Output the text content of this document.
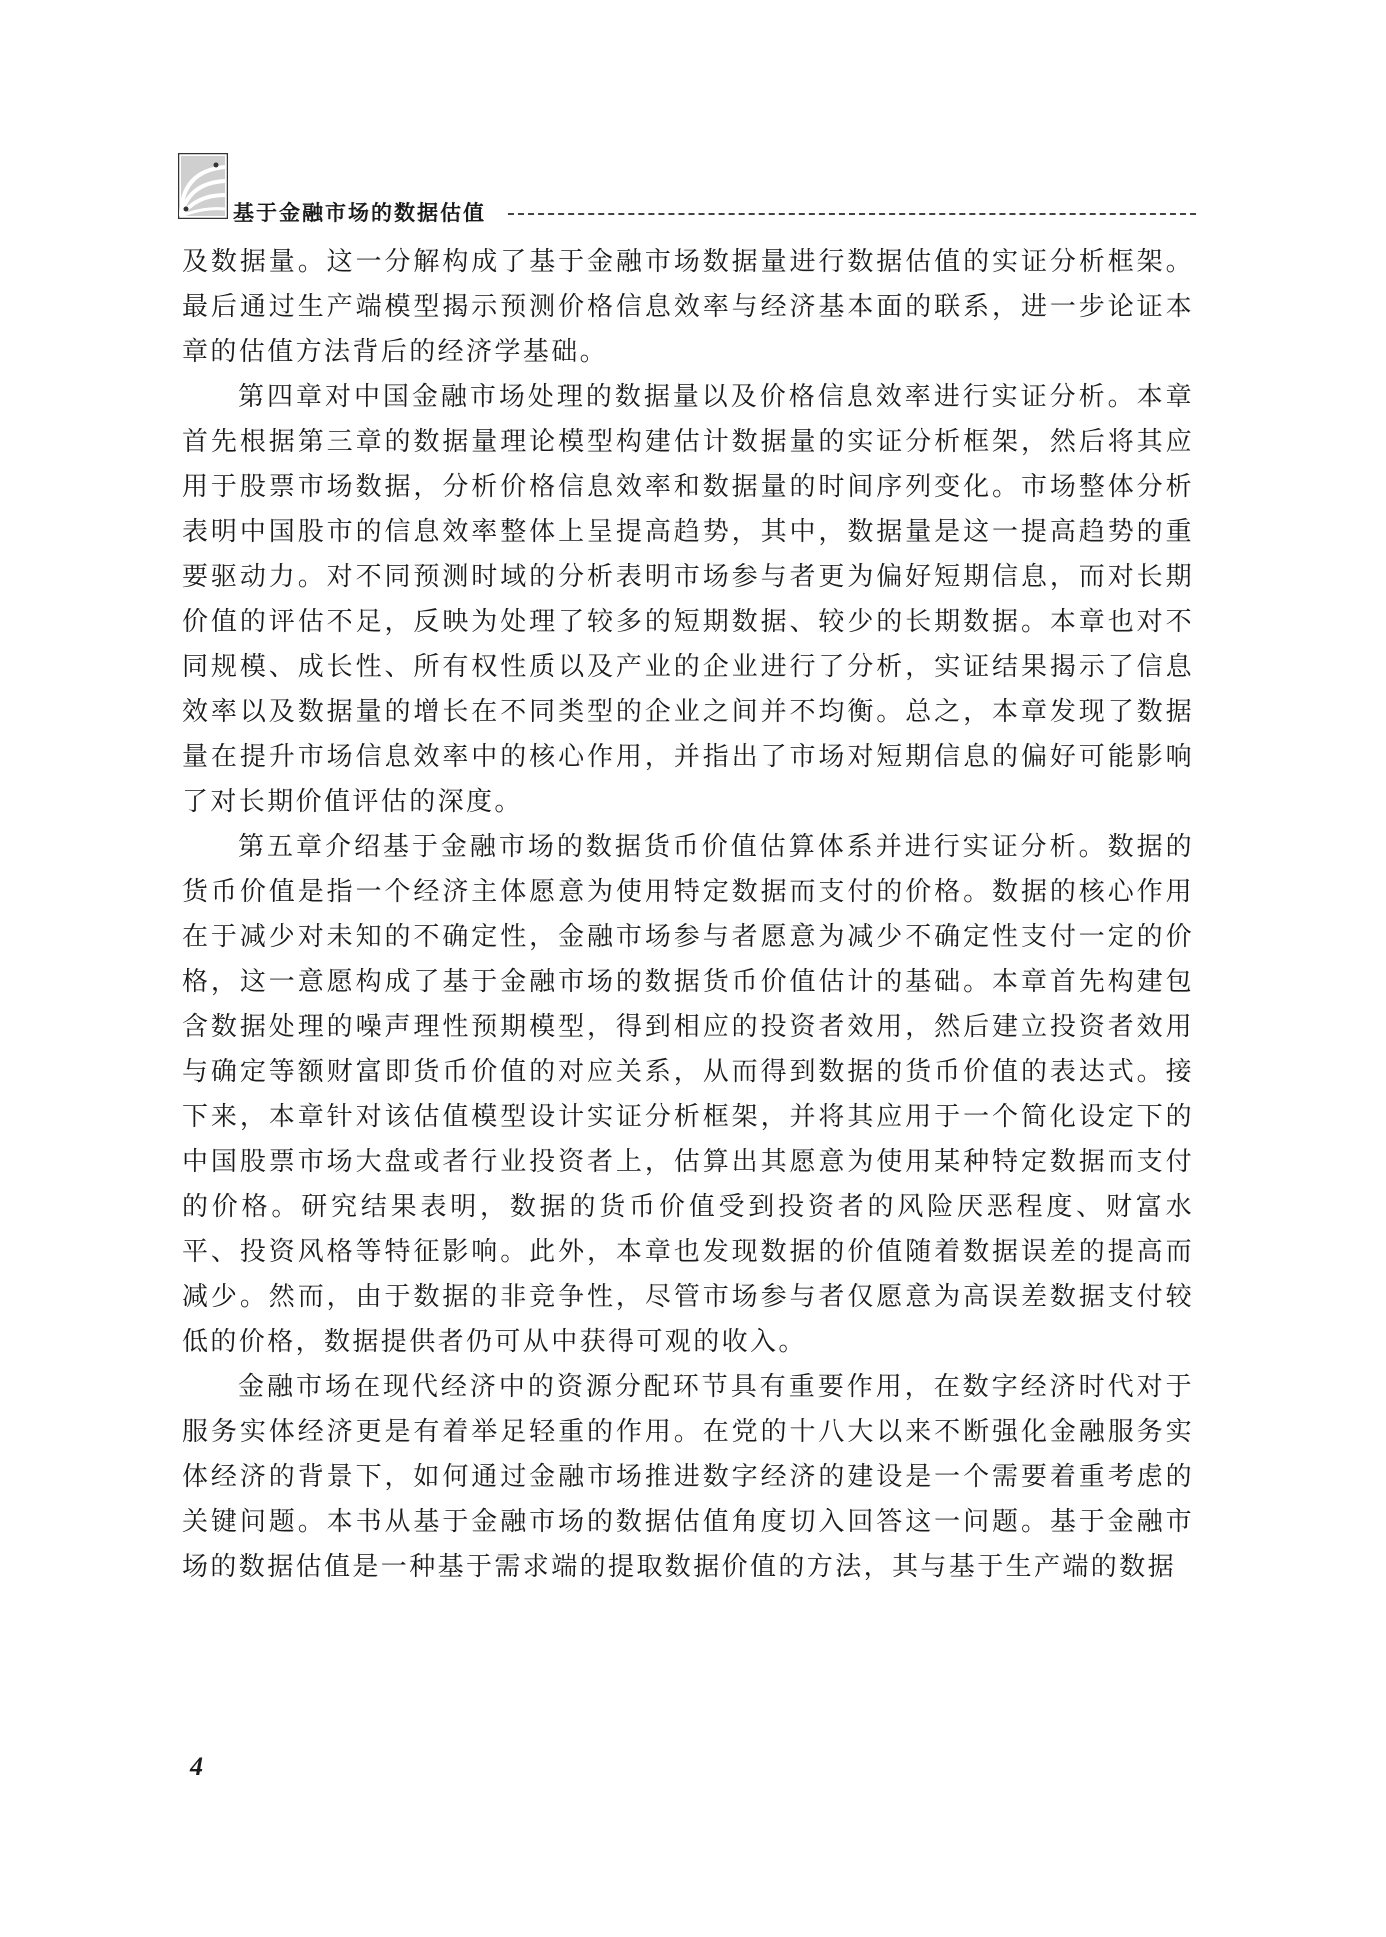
基于金融市场的数据估值

及数据量。这一分解构成了基于金融市场数据量进行数据估值的实证分析框架。最后通过生产端模型揭示预测价格信息效率与经济基本面的联系，进一步论证本章的估值方法背后的经济学基础。

第四章对中国金融市场处理的数据量以及价格信息效率进行实证分析。本章首先根据第三章的数据量理论模型构建估计数据量的实证分析框架，然后将其应用于股票市场数据，分析价格信息效率和数据量的时间序列变化。市场整体分析表明中国股市的信息效率整体上呈提高趋势，其中，数据量是这一提高趋势的重要驱动力。对不同预测时域的分析表明市场参与者更为偏好短期信息，而对长期价值的评估不足，反映为处理了较多的短期数据、较少的长期数据。本章也对不同规模、成长性、所有权性质以及产业的企业进行了分析，实证结果揭示了信息效率以及数据量的增长在不同类型的企业之间并不均衡。总之，本章发现了数据量在提升市场信息效率中的核心作用，并指出了市场对短期信息的偏好可能影响了对长期价值评估的深度。

第五章介绍基于金融市场的数据货币价值估算体系并进行实证分析。数据的货币价值是指一个经济主体愿意为使用特定数据而支付的价格。数据的核心作用在于减少对未知的不确定性，金融市场参与者愿意为减少不确定性支付一定的价格，这一意愿构成了基于金融市场的数据货币价值估计的基础。本章首先构建包含数据处理的噪声理性预期模型，得到相应的投资者效用，然后建立投资者效用与确定等额财富即货币价值的对应关系，从而得到数据的货币价值的表达式。接下来，本章针对该估值模型设计实证分析框架，并将其应用于一个简化设定下的中国股票市场大盘或者行业投资者上，估算出其愿意为使用某种特定数据而支付的价格。研究结果表明，数据的货币价值受到投资者的风险厌恶程度、财富水平、投资风格等特征影响。此外，本章也发现数据的价值随着数据误差的提高而减少。然而，由于数据的非竞争性，尽管市场参与者仅愿意为高误差数据支付较低的价格，数据提供者仍可从中获得可观的收入。

金融市场在现代经济中的资源分配环节具有重要作用，在数字经济时代对于服务实体经济更是有着举足轻重的作用。在党的十八大以来不断强化金融服务实体经济的背景下，如何通过金融市场推进数字经济的建设是一个需要着重考虑的关键问题。本书从基于金融市场的数据估值角度切入回答这一问题。基于金融市场的数据估值是一种基于需求端的提取数据价值的方法，其与基于生产端的数据

4
